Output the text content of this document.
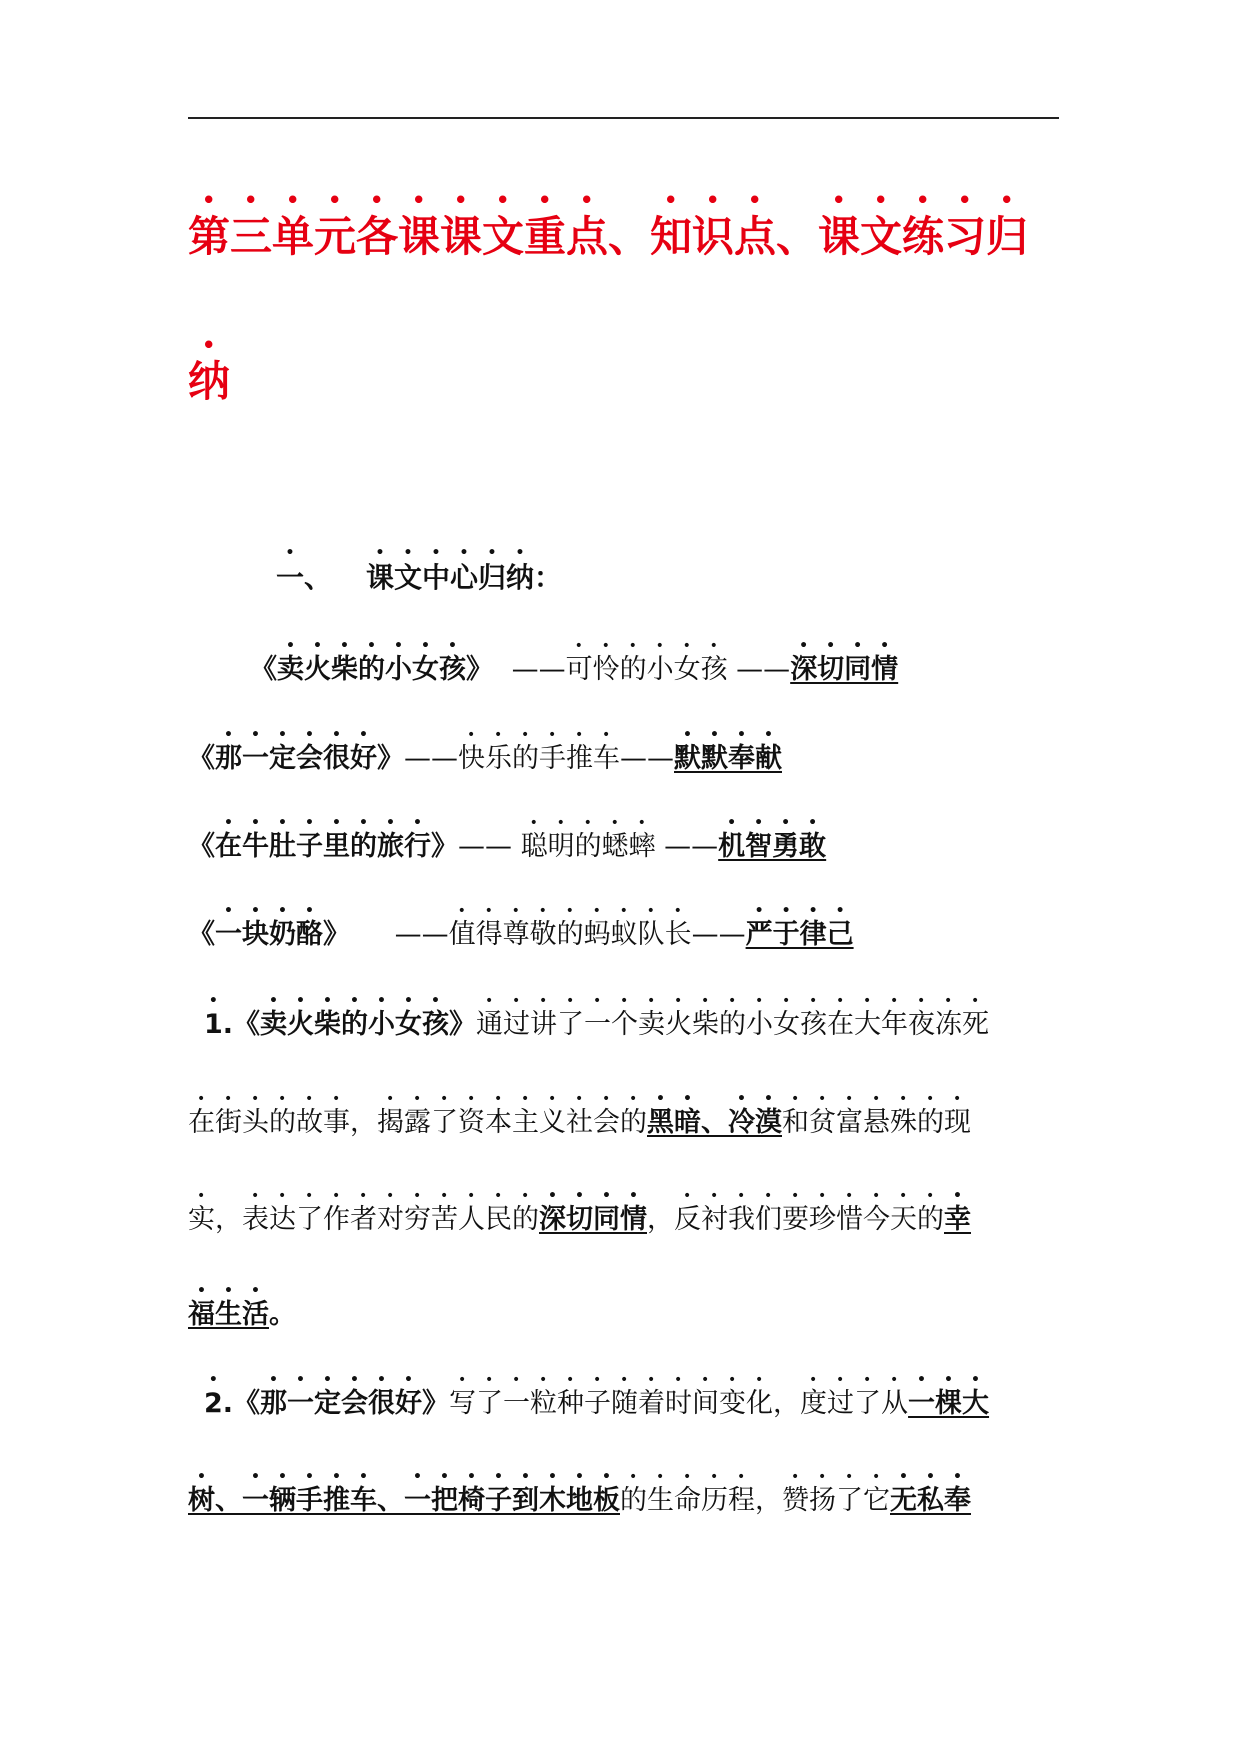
第三单元各课课文重点、知识点、课文练习归
纳
一、 课文中心归纳：
《卖火柴的小女孩》 ——可怜的小女孩 ——深切同情
《那一定会很好》——快乐的手推车——默默奉献
《在牛肚子里的旅行》—— 聪明的蟋蟀 ——机智勇敢
《一块奶酪》 ——值得尊敬的蚂蚁队长——严于律己
1.《卖火柴的小女孩》通过讲了一个卖火柴的小女孩在大年夜冻死
在街头的故事，揭露了资本主义社会的黑暗、冷漠和贫富悬殊的现
实，表达了作者对穷苦人民的深切同情，反衬我们要珍惜今天的幸
福生活。
2.《那一定会很好》写了一粒种子随着时间变化，度过了从一棵大
树、一辆手推车、一把椅子到木地板的生命历程，赞扬了它无私奉
